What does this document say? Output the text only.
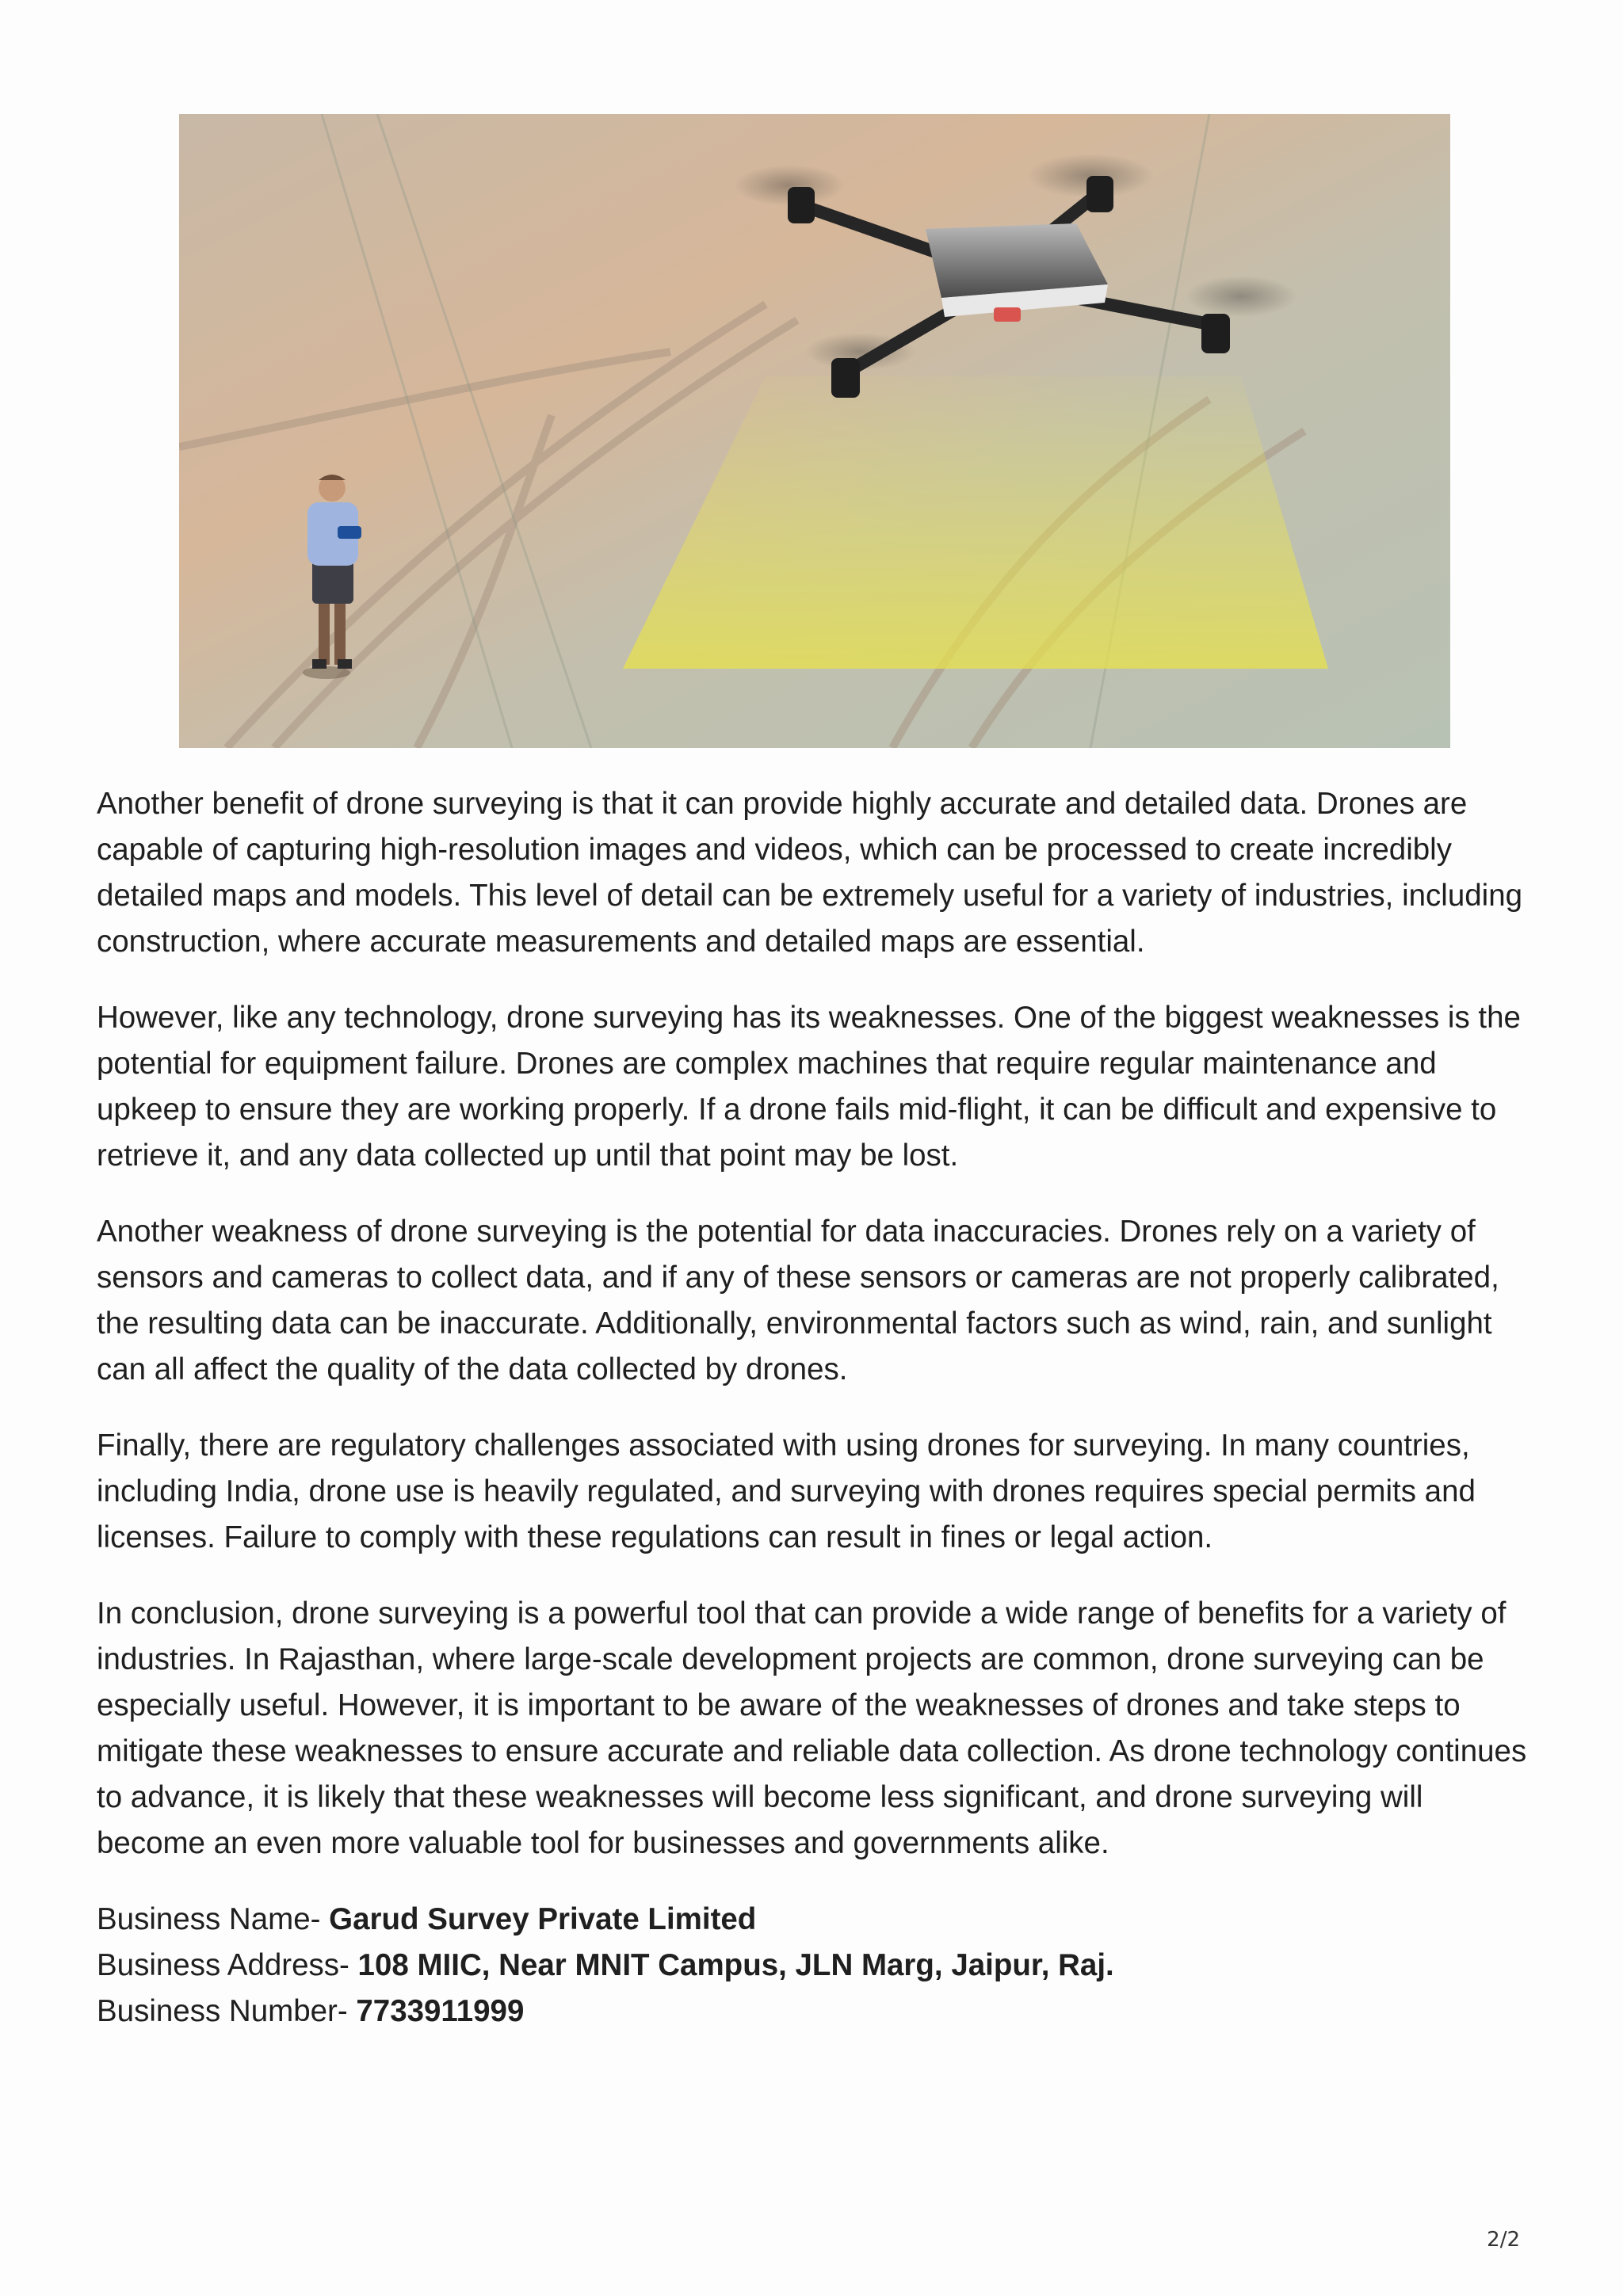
Another benefit of drone surveying is that it can provide highly accurate and detailed data. Drones are capable of capturing high-resolution images and videos, which can be processed to create incredibly detailed maps and models. This level of detail can be extremely useful for a variety of industries, including construction, where accurate measurements and detailed maps are essential.

However, like any technology, drone surveying has its weaknesses. One of the biggest weaknesses is the potential for equipment failure. Drones are complex machines that require regular maintenance and upkeep to ensure they are working properly. If a drone fails mid-flight, it can be difficult and expensive to retrieve it, and any data collected up until that point may be lost.

Another weakness of drone surveying is the potential for data inaccuracies. Drones rely on a variety of sensors and cameras to collect data, and if any of these sensors or cameras are not properly calibrated, the resulting data can be inaccurate. Additionally, environmental factors such as wind, rain, and sunlight can all affect the quality of the data collected by drones.

Finally, there are regulatory challenges associated with using drones for surveying. In many countries, including India, drone use is heavily regulated, and surveying with drones requires special permits and licenses. Failure to comply with these regulations can result in fines or legal action.

In conclusion, drone surveying is a powerful tool that can provide a wide range of benefits for a variety of industries. In Rajasthan, where large-scale development projects are common, drone surveying can be especially useful. However, it is important to be aware of the weaknesses of drones and take steps to mitigate these weaknesses to ensure accurate and reliable data collection. As drone technology continues to advance, it is likely that these weaknesses will become less significant, and drone surveying will become an even more valuable tool for businesses and governments alike.

Business Name- Garud Survey Private Limited
Business Address- 108 MIIC, Near MNIT Campus, JLN Marg, Jaipur, Raj.
Business Number- 7733911999
2/2
